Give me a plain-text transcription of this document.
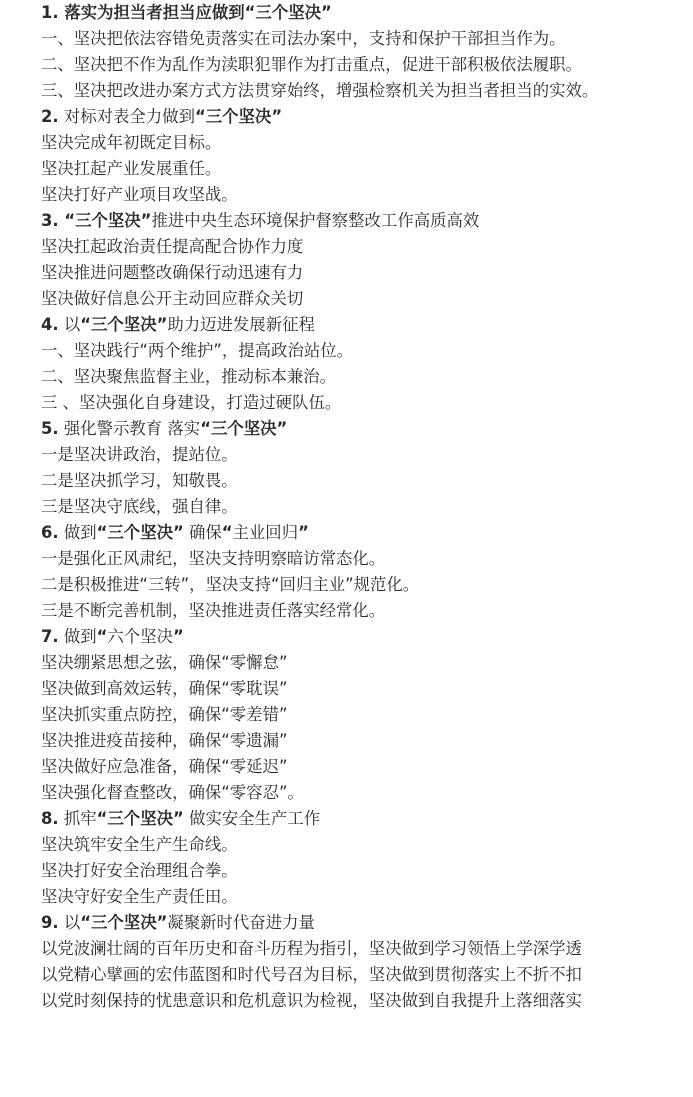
1. 落实为担当者担当应做到“三个坚决”

一、坚决把依法容错免责落实在司法办案中，支持和保护干部担当作为。

二、坚决把不作为乱作为渎职犯罪作为打击重点，促进干部积极依法履职。

三、坚决把改进办案方式方法贯穿始终，增强检察机关为担当者担当的实效。

2. 对标对表全力做到“三个坚决”

坚决完成年初既定目标。

坚决扛起产业发展重任。

坚决打好产业项目攻坚战。

3. “三个坚决”推进中央生态环境保护督察整改工作高质高效

坚决扛起政治责任提高配合协作力度

坚决推进问题整改确保行动迅速有力

坚决做好信息公开主动回应群众关切

4. 以“三个坚决”助力迈进发展新征程

一、坚决践行“两个维护”，提高政治站位。

二、坚决聚焦监督主业，推动标本兼治。

三 、坚决强化自身建设，打造过硬队伍。

5. 强化警示教育 落实“三个坚决”

一是坚决讲政治，提站位。

二是坚决抓学习，知敬畏。

三是坚决守底线，强自律。

6. 做到“三个坚决” 确保“主业回归”

一是强化正风肃纪，坚决支持明察暗访常态化。

二是积极推进“三转”，坚决支持“回归主业”规范化。

三是不断完善机制，坚决推进责任落实经常化。

7. 做到“六个坚决”

坚决绷紧思想之弦，确保“零懈怠”

坚决做到高效运转，确保“零耽误”

坚决抓实重点防控，确保“零差错”

坚决推进疫苗接种，确保“零遗漏”

坚决做好应急准备，确保“零延迟”

坚决强化督查整改，确保“零容忍”。

8. 抓牢“三个坚决” 做实安全生产工作

坚决筑牢安全生产生命线。

坚决打好安全治理组合拳。

坚决守好安全生产责任田。

9. 以“三个坚决”凝聚新时代奋进力量

以党波澜壮阔的百年历史和奋斗历程为指引，坚决做到学习领悟上学深学透

以党精心擘画的宏伟蓝图和时代号召为目标，坚决做到贯彻落实上不折不扣

以党时刻保持的忧患意识和危机意识为检视，坚决做到自我提升上落细落实
